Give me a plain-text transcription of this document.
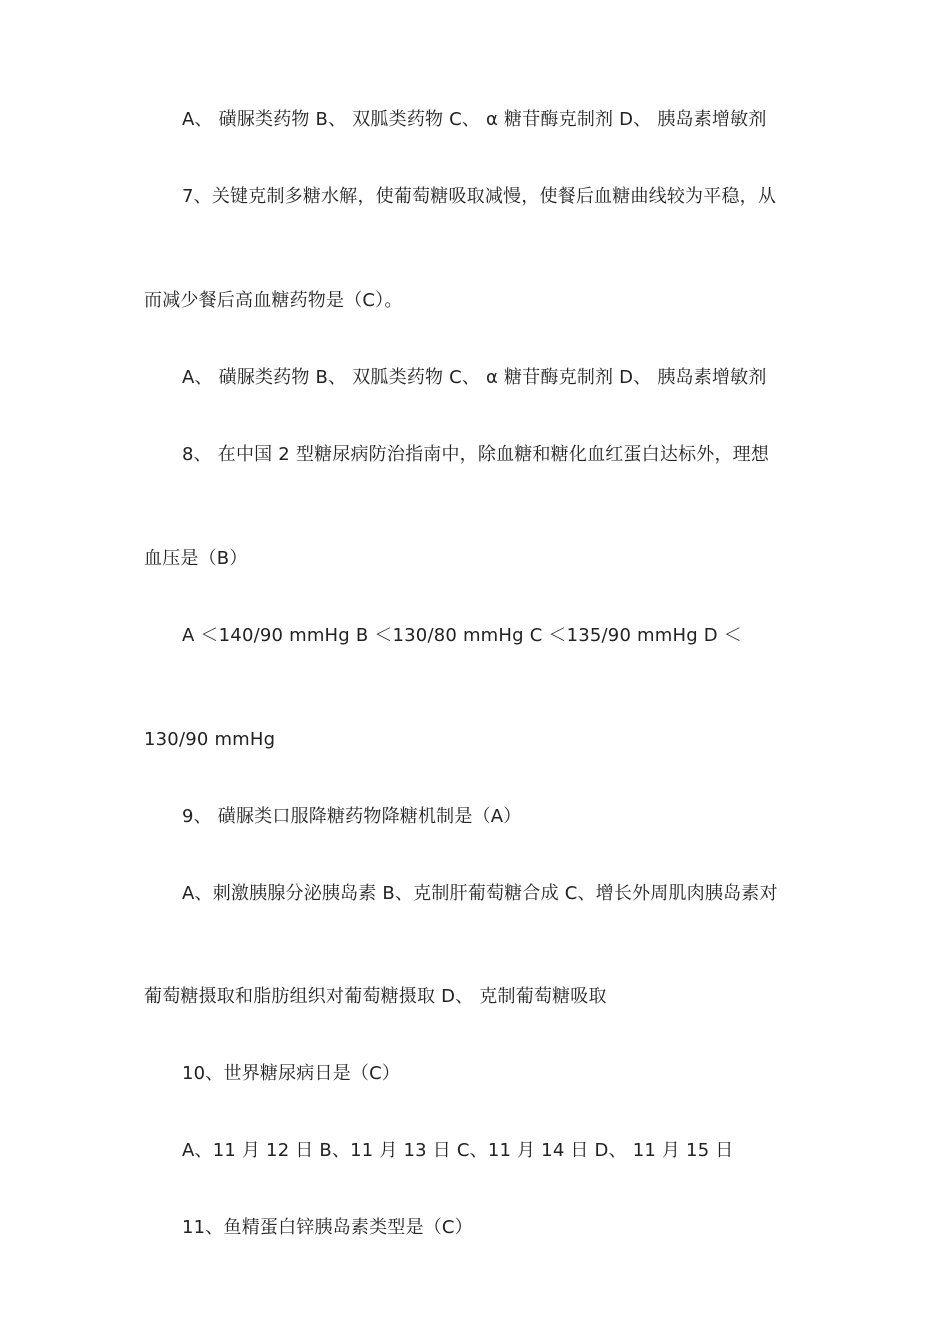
A、 磺脲类药物 B、 双胍类药物 C、 α 糖苷酶克制剂 D、 胰岛素增敏剂
7、关键克制多糖水解，使葡萄糖吸取减慢，使餐后血糖曲线较为平稳，从
而减少餐后高血糖药物是（C）。
A、 磺脲类药物 B、 双胍类药物 C、 α 糖苷酶克制剂 D、 胰岛素增敏剂
8、 在中国 2 型糖尿病防治指南中，除血糖和糖化血红蛋白达标外，理想
血压是（B）
A ＜140/90 mmHg B ＜130/80 mmHg C ＜135/90 mmHg D ＜
130/90 mmHg
9、 磺脲类口服降糖药物降糖机制是（A）
A、刺激胰腺分泌胰岛素 B、克制肝葡萄糖合成 C、增长外周肌肉胰岛素对
葡萄糖摄取和脂肪组织对葡萄糖摄取 D、 克制葡萄糖吸取
10、世界糖尿病日是（C）
A、11 月 12 日 B、11 月 13 日 C、11 月 14 日 D、 11 月 15 日
11、鱼精蛋白锌胰岛素类型是（C）
